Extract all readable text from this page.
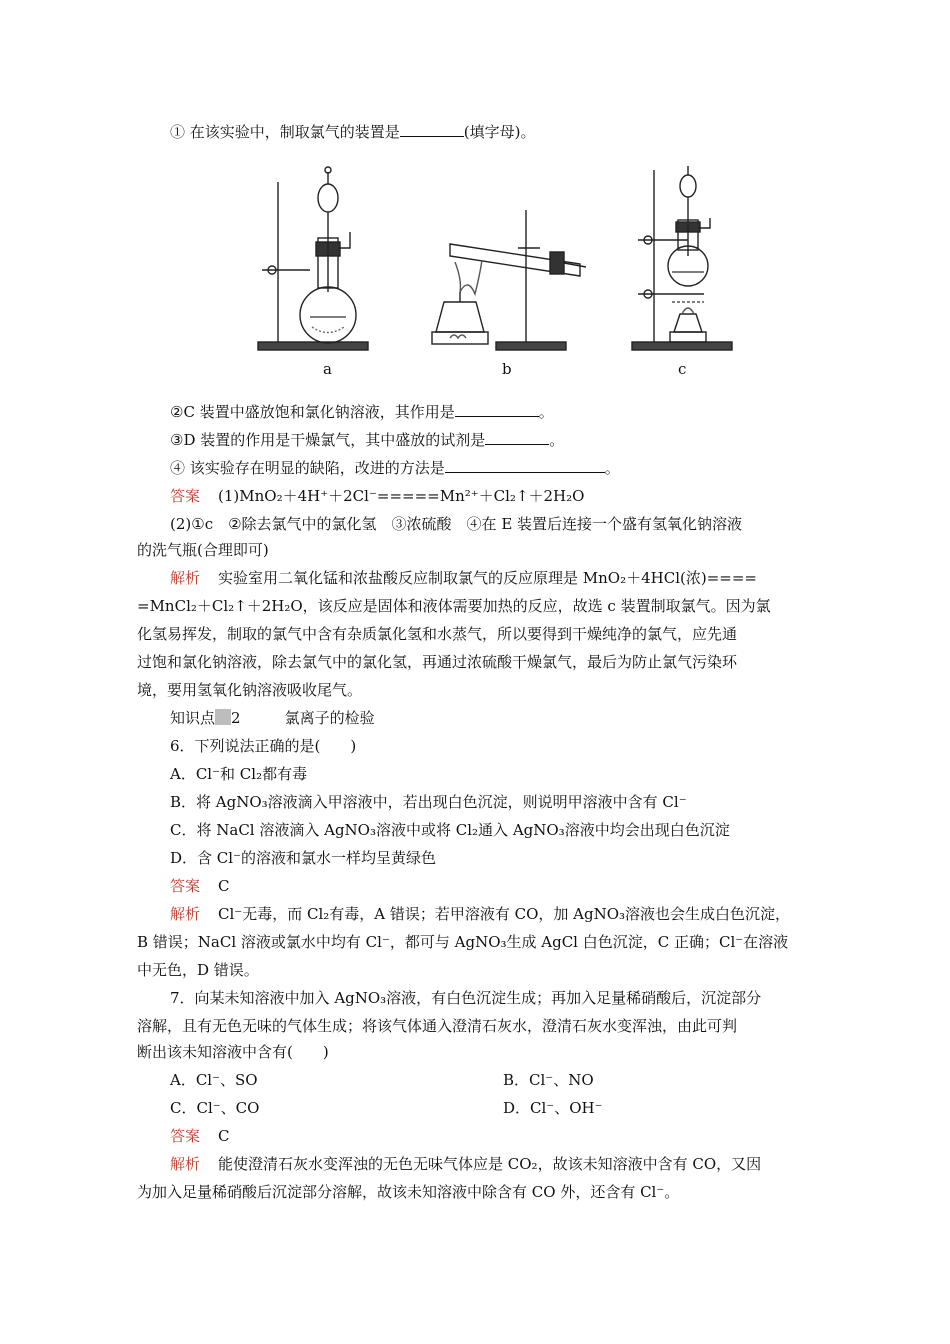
① 在该实验中，制取氯气的装置是	(填字母)。
a	b	c
②C 装置中盛放饱和氯化钠溶液，其作用是	。
③D 装置的作用是干燥氯气，其中盛放的试剂是	。
④ 该实验存在明显的缺陷，改进的方法是	。
答案 (1)MnO₂＋4H⁺＋2Cl⁻=====Mn²⁺＋Cl₂↑＋2H₂O
(2)①c　②除去氯气中的氯化氢　③浓硫酸　④在 E 装置后连接一个盛有氢氧化钠溶液
的洗气瓶(合理即可)
解析 实验室用二氧化锰和浓盐酸反应制取氯气的反应原理是 MnO₂＋4HCl(浓)====
=MnCl₂＋Cl₂↑＋2H₂O，该反应是固体和液体需要加热的反应，故选 c 装置制取氯气。因为氯
化氢易挥发，制取的氯气中含有杂质氯化氢和水蒸气，所以要得到干燥纯净的氯气，应先通
过饱和氯化钠溶液，除去氯气中的氯化氢，再通过浓硫酸干燥氯气，最后为防止氯气污染环
境，要用氢氧化钠溶液吸收尾气。
知识点 2	氯离子的检验
6．下列说法正确的是(　　)
A．Cl⁻和 Cl₂都有毒
B．将 AgNO₃溶液滴入甲溶液中，若出现白色沉淀，则说明甲溶液中含有 Cl⁻
C．将 NaCl 溶液滴入 AgNO₃溶液中或将 Cl₂通入 AgNO₃溶液中均会出现白色沉淀
D．含 Cl⁻的溶液和氯水一样均呈黄绿色
答案 C
解析 Cl⁻无毒，而 Cl₂有毒，A 错误；若甲溶液有 CO，加 AgNO₃溶液也会生成白色沉淀，
B 错误；NaCl 溶液或氯水中均有 Cl⁻，都可与 AgNO₃生成 AgCl 白色沉淀，C 正确；Cl⁻在溶液
中无色，D 错误。
7．向某未知溶液中加入 AgNO₃溶液，有白色沉淀生成；再加入足量稀硝酸后，沉淀部分
溶解，且有无色无味的气体生成；将该气体通入澄清石灰水，澄清石灰水变浑浊，由此可判
断出该未知溶液中含有(　　)
A．Cl⁻、SO	B．Cl⁻、NO
C．Cl⁻、CO	D．Cl⁻、OH⁻
答案 C
解析 能使澄清石灰水变浑浊的无色无味气体应是 CO₂，故该未知溶液中含有 CO，又因
为加入足量稀硝酸后沉淀部分溶解，故该未知溶液中除含有 CO 外，还含有 Cl⁻。
